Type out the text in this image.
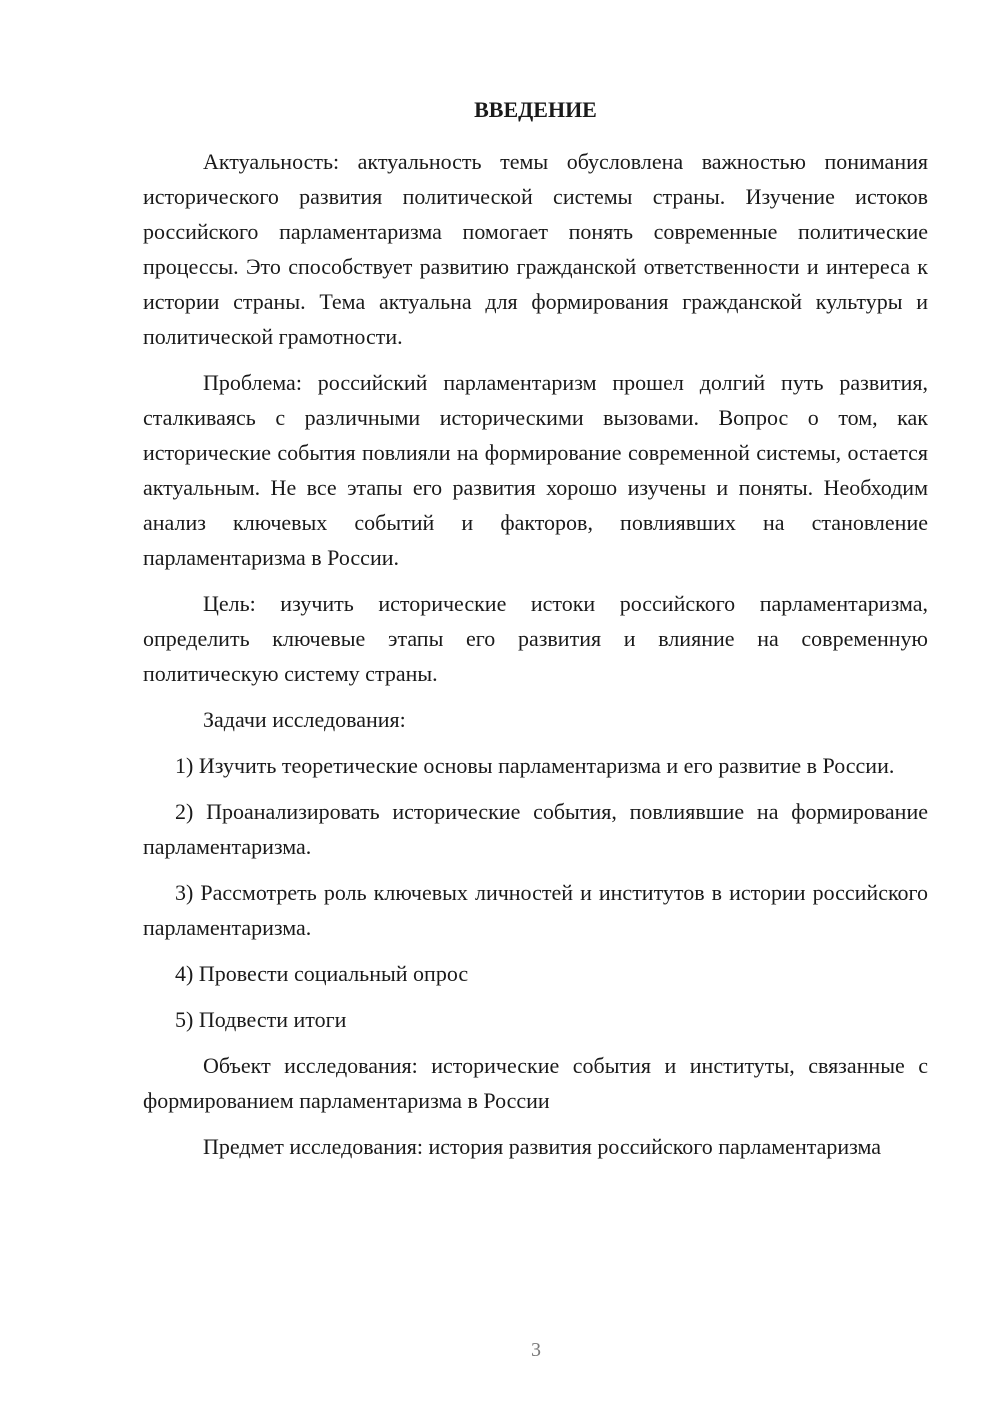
ВВЕДЕНИЕ

Актуальность: актуальность темы обусловлена важностью понимания исторического развития политической системы страны. Изучение истоков российского парламентаризма помогает понять современные политические процессы. Это способствует развитию гражданской ответственности и интереса к истории страны. Тема актуальна для формирования гражданской культуры и политической грамотности.

Проблема: российский парламентаризм прошел долгий путь развития, сталкиваясь с различными историческими вызовами. Вопрос о том, как исторические события повлияли на формирование современной системы, остается актуальным. Не все этапы его развития хорошо изучены и поняты. Необходим анализ ключевых событий и факторов, повлиявших на становление парламентаризма в России.

Цель: изучить исторические истоки российского парламентаризма, определить ключевые этапы его развития и влияние на современную политическую систему страны.

Задачи исследования:

1) Изучить теоретические основы парламентаризма и его развитие в России.

2) Проанализировать исторические события, повлиявшие на формирование парламентаризма.

3) Рассмотреть роль ключевых личностей и институтов в истории российского парламентаризма.

4) Провести социальный опрос

5) Подвести итоги

Объект исследования: исторические события и институты, связанные с формированием парламентаризма в России

Предмет исследования: история развития российского парламентаризма

3
